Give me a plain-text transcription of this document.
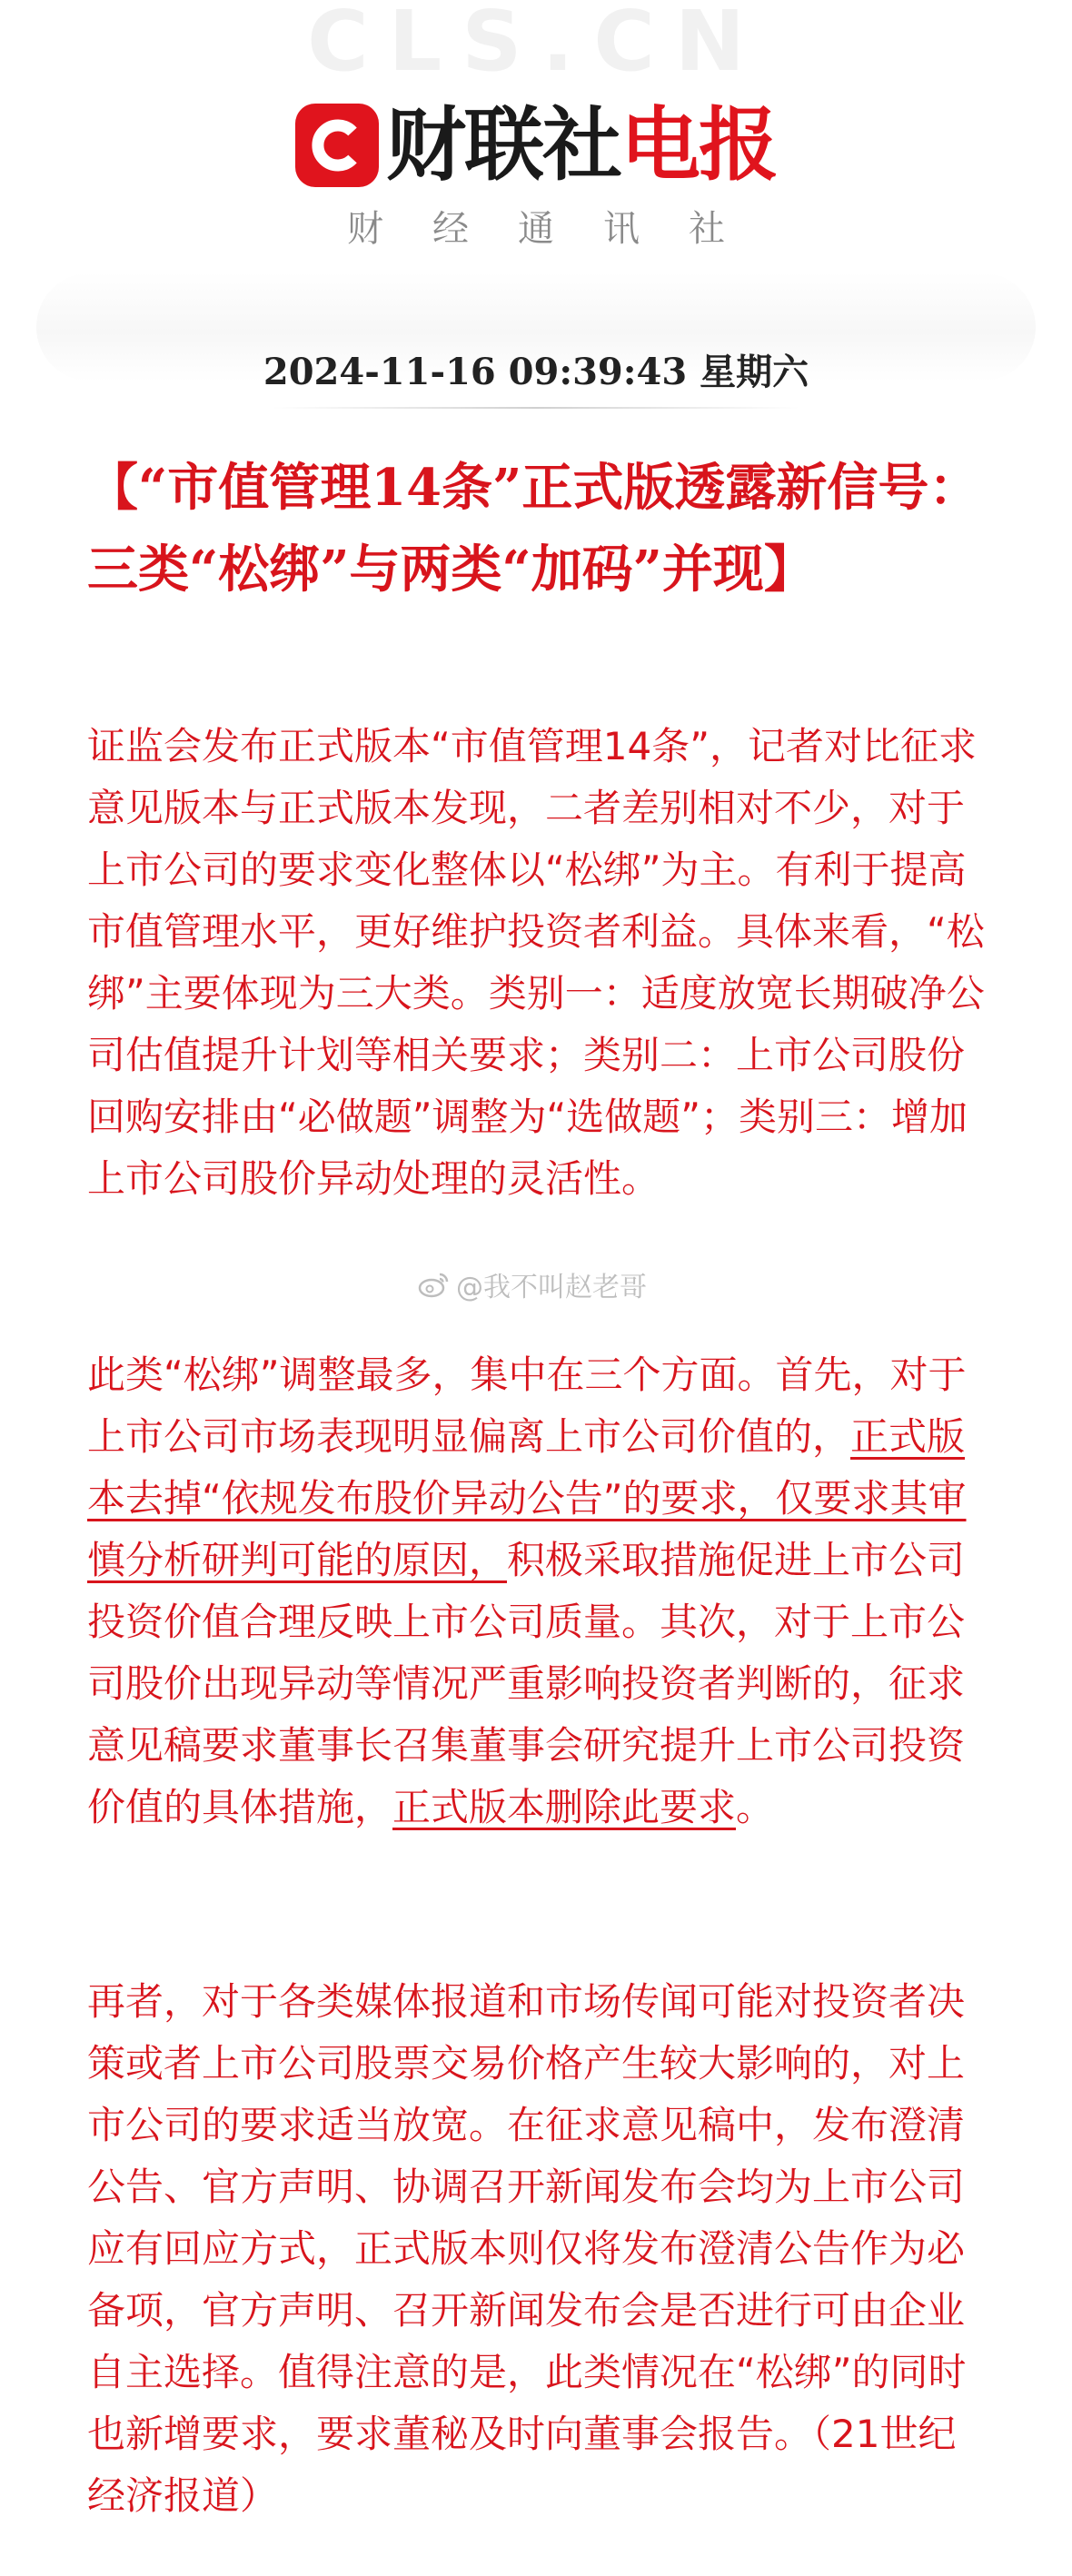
CLS.CN
财联社 电报
财经通讯社
2024-11-16 09:39:43 星期六
【“市值管理14条”正式版透露新信号：三类“松绑”与两类“加码”并现】
证监会发布正式版本“市值管理14条”，记者对比征求意见版本与正式版本发现，二者差别相对不少，对于上市公司的要求变化整体以“松绑”为主。有利于提高市值管理水平，更好维护投资者利益。具体来看，“松绑”主要体现为三大类。类别一：适度放宽长期破净公司估值提升计划等相关要求；类别二：上市公司股份回购安排由“必做题”调整为“选做题”；类别三：增加上市公司股价异动处理的灵活性。
@我不叫赵老哥
此类“松绑”调整最多，集中在三个方面。首先，对于上市公司市场表现明显偏离上市公司价值的，正式版本去掉“依规发布股价异动公告”的要求，仅要求其审慎分析研判可能的原因，积极采取措施促进上市公司投资价值合理反映上市公司质量。其次，对于上市公司股价出现异动等情况严重影响投资者判断的，征求意见稿要求董事长召集董事会研究提升上市公司投资价值的具体措施，正式版本删除此要求。
再者，对于各类媒体报道和市场传闻可能对投资者决策或者上市公司股票交易价格产生较大影响的，对上市公司的要求适当放宽。在征求意见稿中，发布澄清公告、官方声明、协调召开新闻发布会均为上市公司应有回应方式，正式版本则仅将发布澄清公告作为必备项，官方声明、召开新闻发布会是否进行可由企业自主选择。值得注意的是，此类情况在“松绑”的同时也新增要求，要求董秘及时向董事会报告。（21世纪经济报道）
